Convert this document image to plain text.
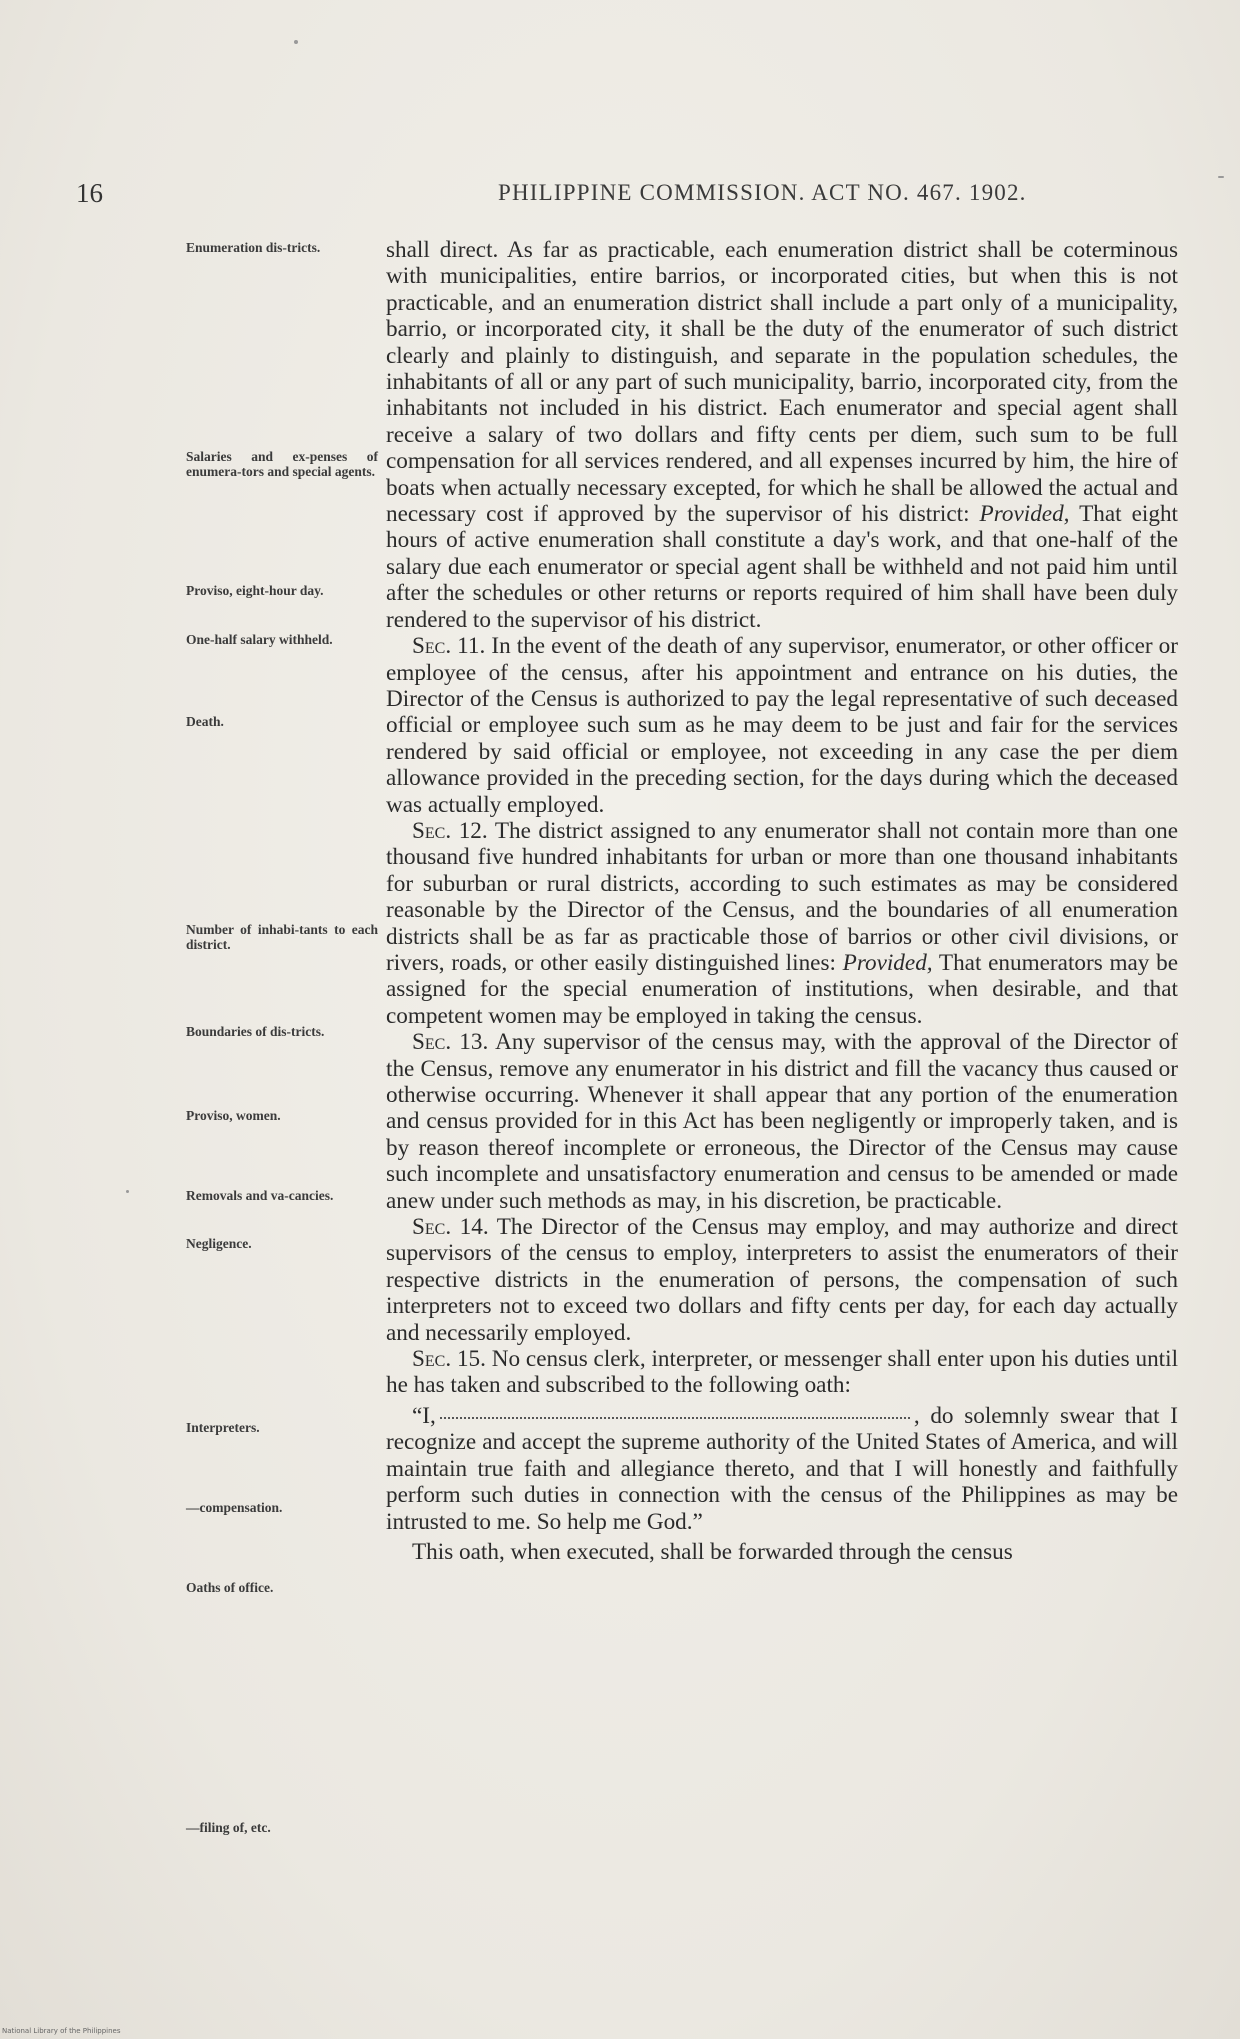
16	PHILIPPINE COMMISSION. ACT NO. 467. 1902.
Enumeration dis-tricts.
Salaries and ex-penses of enumera-tors and special agents.
Proviso, eight-hour day.
One-half salary withheld.
Death.
Number of inhabi-tants to each district.
Boundaries of dis-tricts.
Proviso, women.
Removals and va-cancies.
Negligence.
Interpreters.
—compensation.
Oaths of office.
—filing of, etc.

shall direct. As far as practicable, each enumeration district shall be coterminous with municipalities, entire barrios, or incorporated cities, but when this is not practicable, and an enumeration district shall include a part only of a municipality, barrio, or incorporated city, it shall be the duty of the enumerator of such district clearly and plainly to distinguish, and separate in the population schedules, the inhabitants of all or any part of such municipality, barrio, incorporated city, from the inhabitants not included in his district. Each enumerator and special agent shall receive a salary of two dollars and fifty cents per diem, such sum to be full compensation for all services rendered, and all expenses incurred by him, the hire of boats when actually necessary excepted, for which he shall be allowed the actual and necessary cost if approved by the supervisor of his district: Provided, That eight hours of active enumeration shall constitute a day's work, and that one-half of the salary due each enumerator or special agent shall be withheld and not paid him until after the schedules or other returns or reports required of him shall have been duly rendered to the supervisor of his district.

Sec. 11. In the event of the death of any supervisor, enumerator, or other officer or employee of the census, after his appointment and entrance on his duties, the Director of the Census is authorized to pay the legal representative of such deceased official or employee such sum as he may deem to be just and fair for the services rendered by said official or employee, not exceeding in any case the per diem allowance provided in the preceding section, for the days during which the deceased was actually employed.

Sec. 12. The district assigned to any enumerator shall not contain more than one thousand five hundred inhabitants for urban or more than one thousand inhabitants for suburban or rural districts, according to such estimates as may be considered reasonable by the Director of the Census, and the boundaries of all enumeration districts shall be as far as practicable those of barrios or other civil divisions, or rivers, roads, or other easily distinguished lines: Provided, That enumerators may be assigned for the special enumeration of institutions, when desirable, and that competent women may be employed in taking the census.

Sec. 13. Any supervisor of the census may, with the approval of the Director of the Census, remove any enumerator in his district and fill the vacancy thus caused or otherwise occurring. Whenever it shall appear that any portion of the enumeration and census provided for in this Act has been negligently or improperly taken, and is by reason thereof incomplete or erroneous, the Director of the Census may cause such incomplete and unsatisfactory enumeration and census to be amended or made anew under such methods as may, in his discretion, be practicable.

Sec. 14. The Director of the Census may employ, and may authorize and direct supervisors of the census to employ, interpreters to assist the enumerators of their respective districts in the enumeration of persons, the compensation of such interpreters not to exceed two dollars and fifty cents per day, for each day actually and necessarily employed.

Sec. 15. No census clerk, interpreter, or messenger shall enter upon his duties until he has taken and subscribed to the following oath:

“I,	, do solemnly swear that I recognize and accept the supreme authority of the United States of America, and will maintain true faith and allegiance thereto, and that I will honestly and faithfully perform such duties in connection with the census of the Philippines as may be intrusted to me. So help me God.”

This oath, when executed, shall be forwarded through the census

National Library of the Philippines
